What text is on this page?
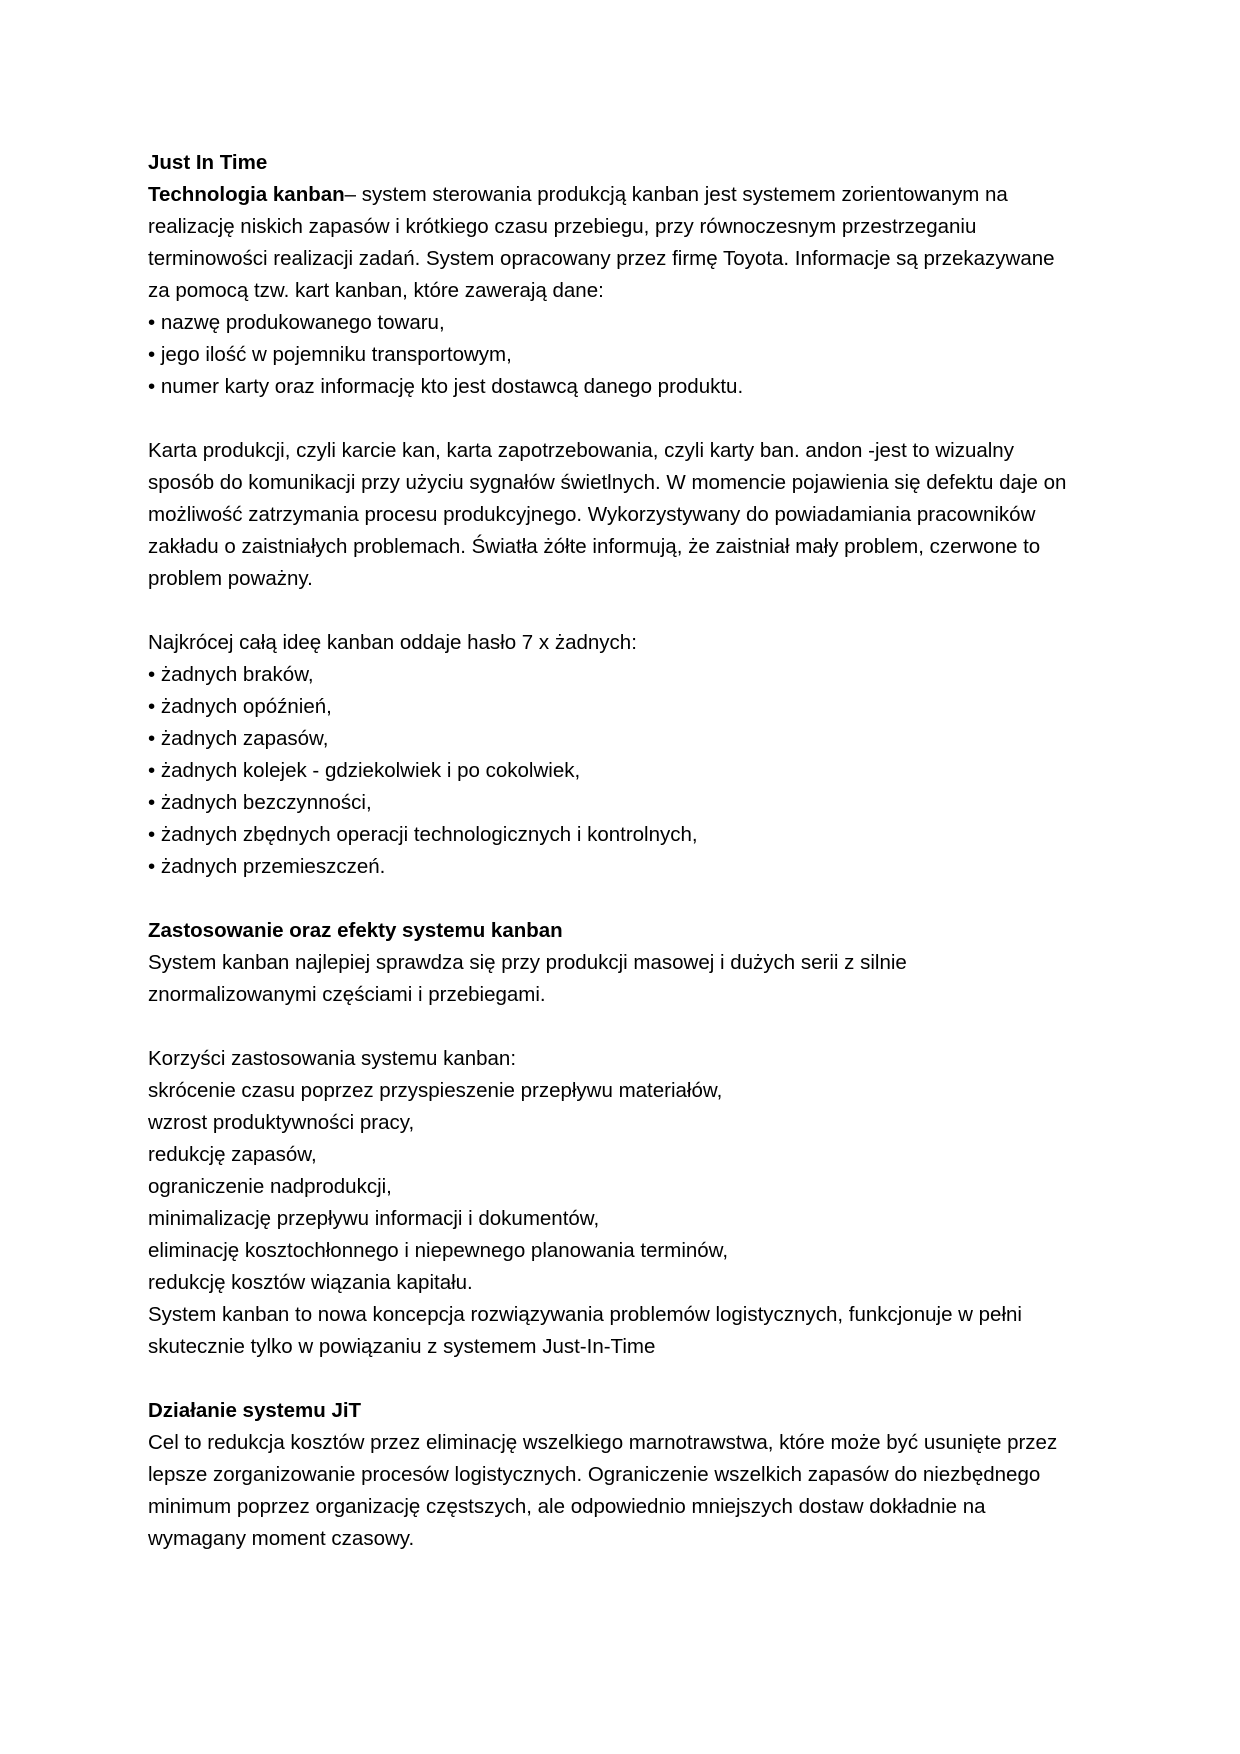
Just In Time
Technologia kanban– system sterowania produkcją kanban jest systemem zorientowanym na
realizację niskich zapasów i krótkiego czasu przebiegu, przy równoczesnym przestrzeganiu
terminowości realizacji zadań. System opracowany przez firmę Toyota. Informacje są przekazywane
za pomocą tzw. kart kanban, które zawerają dane:
• nazwę produkowanego towaru,
• jego ilość w pojemniku transportowym,
• numer karty oraz informację kto jest dostawcą danego produktu.
Karta produkcji, czyli karcie kan, karta zapotrzebowania, czyli karty ban. andon -jest to wizualny
sposób do komunikacji przy użyciu sygnałów świetlnych. W momencie pojawienia się defektu daje on
możliwość zatrzymania procesu produkcyjnego. Wykorzystywany do powiadamiania pracowników
zakładu o zaistniałych problemach. Światła żółte informują, że zaistniał mały problem, czerwone to
problem poważny.
Najkrócej całą ideę kanban oddaje hasło 7 x żadnych:
• żadnych braków,
• żadnych opóźnień,
• żadnych zapasów,
• żadnych kolejek - gdziekolwiek i po cokolwiek,
• żadnych bezczynności,
• żadnych zbędnych operacji technologicznych i kontrolnych,
• żadnych przemieszczeń.
Zastosowanie oraz efekty systemu kanban
System kanban najlepiej sprawdza się przy produkcji masowej i dużych serii z silnie
znormalizowanymi częściami i przebiegami.
Korzyści zastosowania systemu kanban:
skrócenie czasu poprzez przyspieszenie przepływu materiałów,
wzrost produktywności pracy,
redukcję zapasów,
ograniczenie nadprodukcji,
minimalizację przepływu informacji i dokumentów,
eliminację kosztochłonnego i niepewnego planowania terminów,
redukcję kosztów wiązania kapitału.
System kanban to nowa koncepcja rozwiązywania problemów logistycznych, funkcjonuje w pełni
skutecznie tylko w powiązaniu z systemem Just-In-Time
Działanie systemu JiT
Cel to redukcja kosztów przez eliminację wszelkiego marnotrawstwa, które może być usunięte przez
lepsze zorganizowanie procesów logistycznych. Ograniczenie wszelkich zapasów do niezbędnego
minimum poprzez organizację częstszych, ale odpowiednio mniejszych dostaw dokładnie na
wymagany moment czasowy.
